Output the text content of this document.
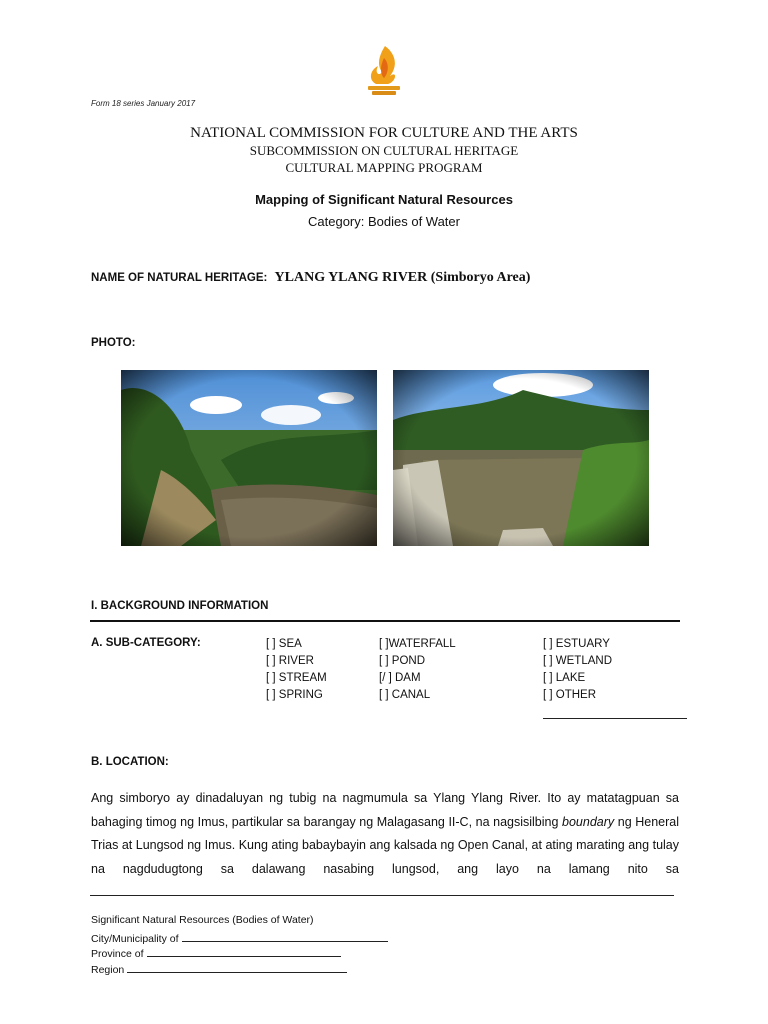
Form 18 series January 2017
NATIONAL COMMISSION FOR CULTURE AND THE ARTS
SUBCOMMISSION ON CULTURAL HERITAGE
CULTURAL MAPPING PROGRAM
Mapping of Significant Natural Resources
Category: Bodies of Water
NAME OF NATURAL HERITAGE: YLANG YLANG RIVER (Simboryo Area)
PHOTO:
I. BACKGROUND INFORMATION
A. SUB-CATEGORY:	[ ] SEA
[ ] RIVER
[ ] STREAM
[ ] SPRING
[ ]WATERFALL
[ ] POND
[/ ] DAM
[ ] CANAL
[ ] ESTUARY
[ ] WETLAND
[ ] LAKE
[ ] OTHER
B. LOCATION:
Ang simboryo ay dinadaluyan ng tubig na nagmumula sa Ylang Ylang River. Ito ay matatagpuan sa bahaging timog ng Imus, partikular sa barangay ng Malagasang II-C, na nagsisilbing boundary ng Heneral Trias at Lungsod ng Imus. Kung ating babaybayin ang kalsada ng Open Canal, at ating marating ang tulay na nagdudugtong sa dalawang nasabing lungsod, ang layo na lamang nito sa
Significant Natural Resources (Bodies of Water)
City/Municipality of
Province of
Region
